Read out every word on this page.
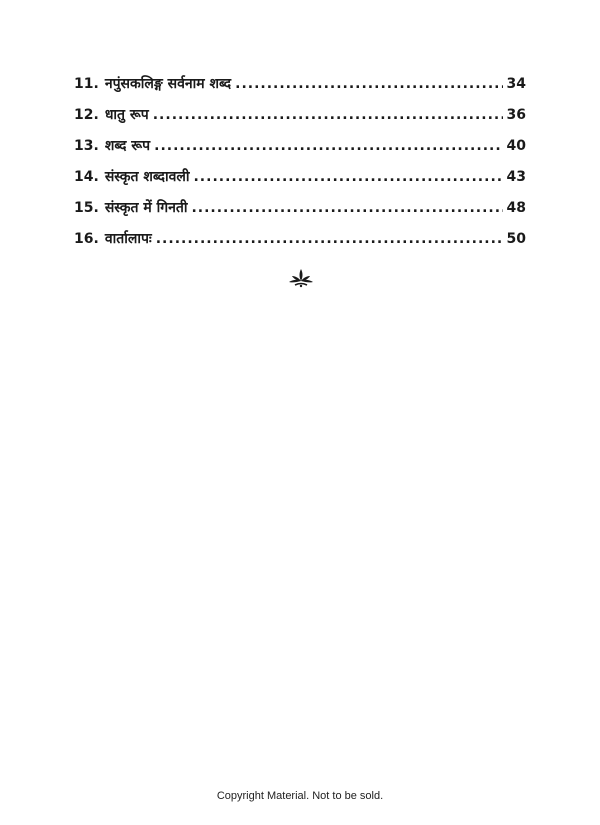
11. नपुंसकलिङ्ग सर्वनाम शब्द .....	34
12. धातु रूप .....	36
13. शब्द रूप .....	40
14. संस्कृत शब्दावली .....	43
15. संस्कृत में गिनती .....	48
16. वार्तालापः .....	50
Copyright Material. Not to be sold.
